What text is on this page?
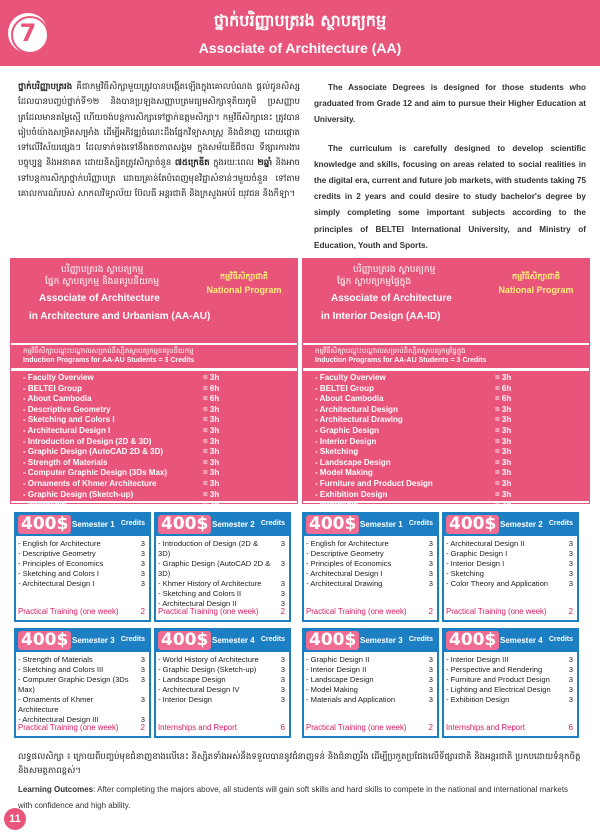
7	ថ្នាក់បរិញ្ញាបត្ររង ស្ថាបត្យកម្ម
Associate of Architecture (AA)
ថ្នាក់បរិញ្ញាបត្ររង គឺជាកម្មវិធីសិក្សាមួយត្រូវបានបង្កើតឡើងក្នុងគោលបំណង ផ្តល់ជូនសិស្សដែលបានបញ្ចប់ថ្នាក់ទី១២ និងបានប្រឡងសញ្ញាបត្រមធ្យមសិក្សាទុតិយភូមិ ប្រសញ្ញាបត្រដែលមានតម្លៃស្មើ ហើយចង់បន្តការសិក្សាទៅថ្នាក់ឧត្តមសិក្សា។ កម្មវិធីសិក្សានេះ ត្រូវបានរៀបចំយ៉ាងសម្រិតសម្រាំង ដើម្បីអភិវឌ្ឍចំណេះដឹងផ្នែកវិទ្យាសាស្ត្រ និងជំនាញ ដោយផ្តោតទៅលើវិស័យផ្សេងៗ ដែលទាក់ទងទៅនឹងតថភាពសង្គម ក្នុងសម័យឌីជីថល ទីផ្សារការងារបច្ចុប្បន្ន និងអនាគត ដោយនិស្សិតត្រូវសិក្សាចំនួន ៧៥ក្រេឌីត ក្នុងរយៈពេល ២ឆ្នាំ និងអាចទៅបន្តការសិក្សាថ្នាក់បរិញ្ញាបត្រ ដោយគ្រាន់តែបំពេញមុខវិជ្ជាសំខាន់ៗមួយចំនួន ទៅតាមគោលការណ៍របស់ សាកលវិទ្យាល័យ ប៊ែលធី អន្តរជាតិ និងក្រសួងអប់រំ យុវជន និងកីឡា។

The Associate Degrees is designed for those students who graduated from Grade 12 and aim to pursue their Higher Education at University.

The curriculum is carefully designed to develop scientific knowledge and skills, focusing on areas related to social realities in the digital era, current and future job markets, with students taking 75 credits in 2 years and could desire to study bachelor's degree by simply completing some important subjects according to the principles of BELTEI International University, and Ministry of Education, Youth and Sports.

បរិញ្ញាបត្ររង ស្ថាបត្យកម្ម
ផ្នែក ស្ថាបត្យកម្ម និងនគរូបនីយកម្ម
Associate of Architecture
in Architecture and Urbanism (AA-AU)
កម្មវិធីសិក្សាជាតិ
National Program
កម្មវិធីសិក្សាបណ្តុះបណ្តាលសម្រាប់និស្សិតស្ថាបត្យកម្មនគរូបនីយកម្ម
Induction Programs for AA-AU Students = 3 Credits
- Faculty Overview	= 3h
- BELTEI Group	= 6h
- About Cambodia	= 6h
- Descriptive Geometry	= 3h
- Sketching and Colors I	= 3h
- Architectural Design I	= 3h
- Introduction of Design (2D & 3D)	= 3h
- Graphic Design (AutoCAD 2D & 3D)	= 3h
- Strength of Materials	= 3h
- Computer Graphic Design (3Ds Max)	= 3h
- Ornaments of Khmer Architecture	= 3h
- Graphic Design (Sketch-up)	= 3h
- Internship	= 3h
បរិញ្ញាបត្ររង ស្ថាបត្យកម្ម
ផ្នែក ស្ថាបត្យកម្មផ្ទៃក្នុង
Associate of Architecture
in Interior Design (AA-ID)
កម្មវិធីសិក្សាជាតិ
National Program
កម្មវិធីសិក្សាបណ្តុះបណ្តាលសម្រាប់និស្សិតស្ថាបត្យកម្មផ្ទៃក្នុង
Induction Programs for AA-AU Students = 3 Credits
- Faculty Overview	= 3h
- BELTEI Group	= 6h
- About Cambodia	= 6h
- Architectural Design	= 3h
- Architectural Drawing	= 3h
- Graphic Design	= 3h
- Interior Design	= 3h
- Sketching	= 3h
- Landscape Design	= 3h
- Model Making	= 3h
- Furniture and Product Design	= 3h
- Exhibition Design	= 3h
- Internship	= 3h
400$ Semester 1 Credits
- English for Architecture	3
- Descriptive Geometry	3
- Principles of Economics	3
- Sketching and Colors I	3
- Architectural Design I	3
Practical Training (one week)	2
400$ Semester 2 Credits
- Introduction of Design (2D & 3D)
3
- Graphic Design (AutoCAD 2D & 3D)
3
- Khmer History of Architecture	3
- Sketching and Colors II	3
- Architectural Design II	3
Practical Training (one week)	2
400$ Semester 1 Credits
- English for Architecture	3
- Descriptive Geometry	3
- Principles of Economics	3
- Architectural Design I	3
- Architectural Drawing	3
Practical Training (one week)	2
400$ Semester 2 Credits
- Architectural Design II	3
- Graphic Design I	3
- Interior Design I	3
- Sketching	3
- Color Theory and Application	3
Practical Training (one week)	2
400$ Semester 3 Credits
- Strength of Materials	3
- Sketching and Colors III	3
- Computer Graphic Design (3Ds Max)
3
- Ornaments of Khmer Architecture
3
- Architectural Design III	3
Practical Training (one week)	2
400$ Semester 4 Credits
- World History of Architecture	3
- Graphic Design (Sketch-up)	3
- Landscape Design	3
- Architectural Design IV	3
- Interior Design	3
Internships and Report	6
400$ Semester 3 Credits
- Graphic Design II	3
- Interior Design II	3
- Landscape Design	3
- Model Making	3
- Materials and Application	3
Practical Training (one week)	2
400$ Semester 4 Credits
- Interior Design III	3
- Perspective and Rendering	3
- Furniture and Product Design	3
- Lighting and Electrical Design	3
- Exhibition Design	3
Internships and Report	6
លទ្ធផលសិក្សា ៖ ក្រោយពីបញ្ចប់មុខជំនាញខាងលើនេះ និស្សិតទាំងអស់នឹងទទួលបាននូវជំនាញទន់ និងជំនាញរឹង ដើម្បីប្រកួតប្រជែងលើទីផ្សារជាតិ និងអន្តរជាតិ ប្រកបដោយទំនុកចិត្ត និងសមត្ថភាពខ្ពស់។
Learning Outcomes: After completing the majors above, all students will gain soft skills and hard skills to compete in the national and international markets with confidence and high ability.
11
